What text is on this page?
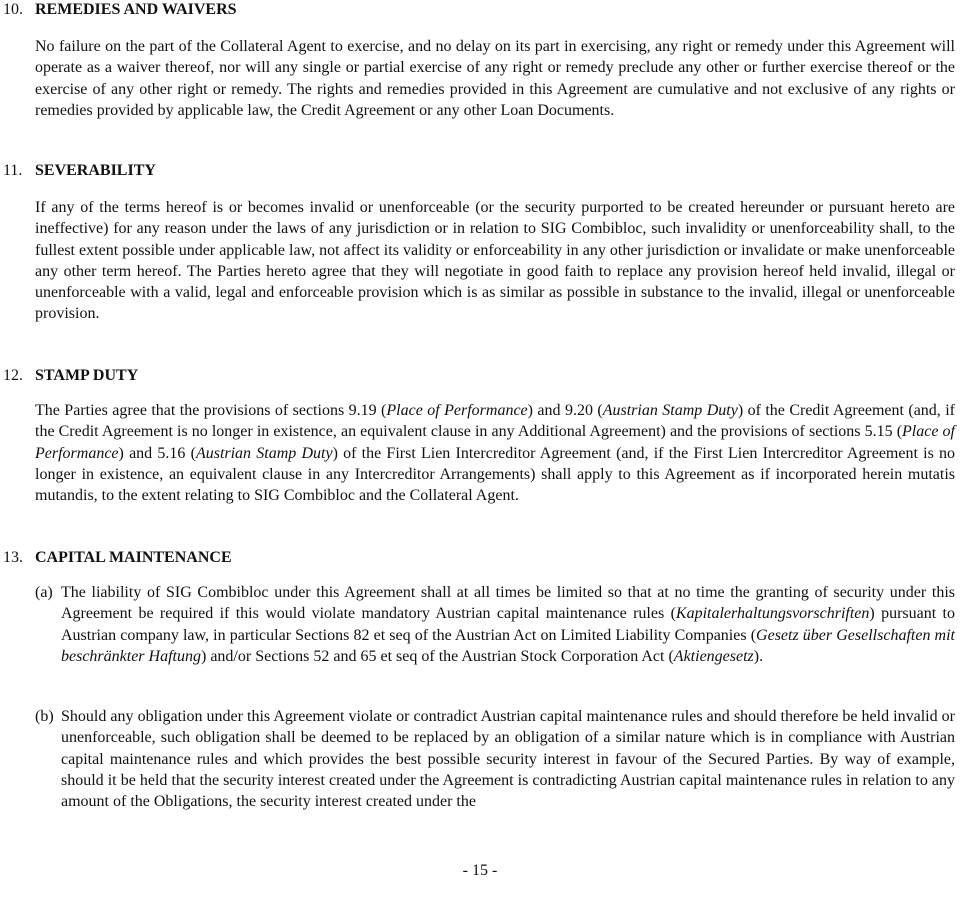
10. REMEDIES AND WAIVERS

No failure on the part of the Collateral Agent to exercise, and no delay on its part in exercising, any right or remedy under this Agreement will operate as a waiver thereof, nor will any single or partial exercise of any right or remedy preclude any other or further exercise thereof or the exercise of any other right or remedy. The rights and remedies provided in this Agreement are cumulative and not exclusive of any rights or remedies provided by applicable law, the Credit Agreement or any other Loan Documents.

11. SEVERABILITY

If any of the terms hereof is or becomes invalid or unenforceable (or the security purported to be created hereunder or pursuant hereto are ineffective) for any reason under the laws of any jurisdiction or in relation to SIG Combibloc, such invalidity or unenforceability shall, to the fullest extent possible under applicable law, not affect its validity or enforceability in any other jurisdiction or invalidate or make unenforceable any other term hereof. The Parties hereto agree that they will negotiate in good faith to replace any provision hereof held invalid, illegal or unenforceable with a valid, legal and enforceable provision which is as similar as possible in substance to the invalid, illegal or unenforceable provision.

12. STAMP DUTY

The Parties agree that the provisions of sections 9.19 (Place of Performance) and 9.20 (Austrian Stamp Duty) of the Credit Agreement (and, if the Credit Agreement is no longer in existence, an equivalent clause in any Additional Agreement) and the provisions of sections 5.15 (Place of Performance) and 5.16 (Austrian Stamp Duty) of the First Lien Intercreditor Agreement (and, if the First Lien Intercreditor Agreement is no longer in existence, an equivalent clause in any Intercreditor Arrangements) shall apply to this Agreement as if incorporated herein mutatis mutandis, to the extent relating to SIG Combibloc and the Collateral Agent.

13. CAPITAL MAINTENANCE
(a) The liability of SIG Combibloc under this Agreement shall at all times be limited so that at no time the granting of security under this Agreement be required if this would violate mandatory Austrian capital maintenance rules (Kapitalerhaltungsvorschriften) pursuant to Austrian company law, in particular Sections 82 et seq of the Austrian Act on Limited Liability Companies (Gesetz über Gesellschaften mit beschränkter Haftung) and/or Sections 52 and 65 et seq of the Austrian Stock Corporation Act (Aktiengesetz).
(b) Should any obligation under this Agreement violate or contradict Austrian capital maintenance rules and should therefore be held invalid or unenforceable, such obligation shall be deemed to be replaced by an obligation of a similar nature which is in compliance with Austrian capital maintenance rules and which provides the best possible security interest in favour of the Secured Parties. By way of example, should it be held that the security interest created under the Agreement is contradicting Austrian capital maintenance rules in relation to any amount of the Obligations, the security interest created under the
- 15 -
